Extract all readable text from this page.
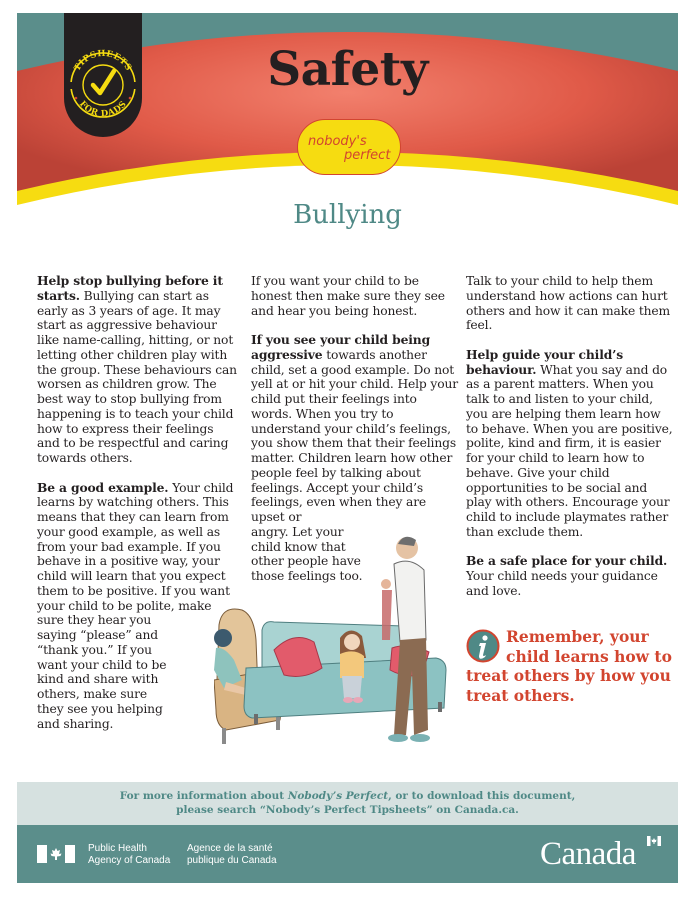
TIPSHEETS
FOR DADS
Safety
nobody's
perfect
Bullying

Help stop bullying before it starts. Bullying can start as early as 3 years of age. It may start as aggressive behaviour like name-calling, hitting, or not letting other children play with the group. These behaviours can worsen as children grow. The best way to stop bullying from happening is to teach your child how to express their feelings and to be respectful and caring towards others.

Be a good example. Your child learns by watching others. This means that they can learn from your good example, as well as from your bad example. If you behave in a positive way, your child will learn that you expect them to be positive. If you want your child to be polite, make
sure they hear you saying “please” and “thank you.” If you want your child to be kind and share with others, make sure they see you helping and sharing.

If you want your child to be honest then make sure they see and hear you being honest.

If you see your child being aggressive towards another child, set a good example. Do not yell at or hit your child. Help your child put their feelings into words. When you try to understand your child’s feelings, you show them that their feelings matter. Children learn how other people feel by talking about feelings. Accept your child’s feelings, even when they are upset or
angry. Let your child know that other people have those feelings too.

Talk to your child to help them understand how actions can hurt others and how it can make them feel.

Help guide your child’s behaviour. What you say and do as a parent matters. When you talk to and listen to your child, you are helping them learn how to behave. When you are positive, polite, kind and firm, it is easier for your child to learn how to behave. Give your child opportunities to be social and play with others. Encourage your child to include playmates rather than exclude them.

Be a safe place for your child. Your child needs your guidance and love.

Remember, your child learns how to treat others by how you treat others.
For more information about Nobody’s Perfect, or to download this document,
please search “Nobody’s Perfect Tipsheets” on Canada.ca.
Public Health
Agency of Canada
Agence de la santé
publique du Canada	Canada
